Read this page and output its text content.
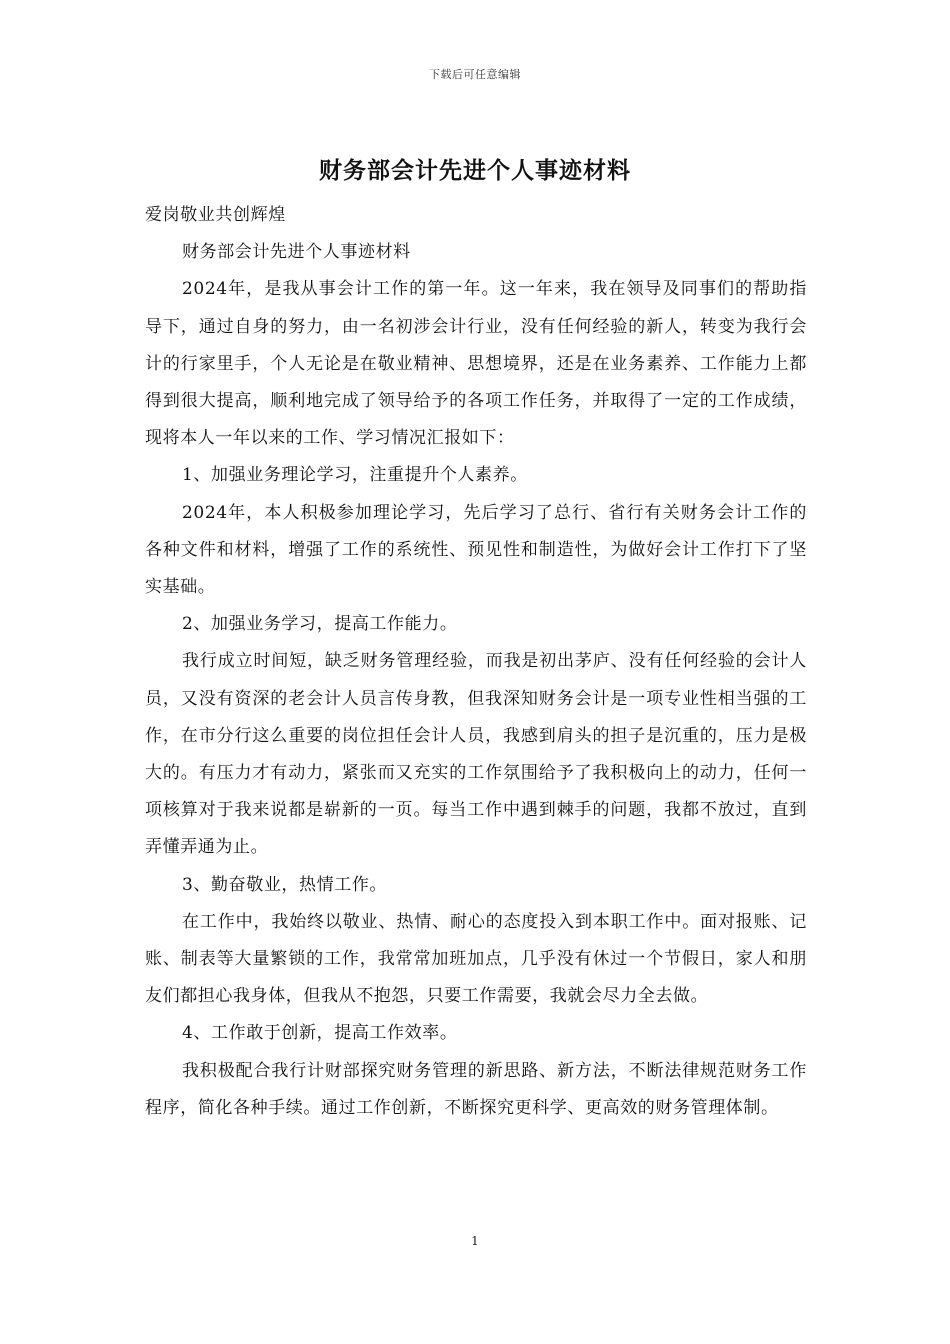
下载后可任意编辑
财务部会计先进个人事迹材料

爱岗敬业共创辉煌

财务部会计先进个人事迹材料

2024年，是我从事会计工作的第一年。这一年来，我在领导及同事们的帮助指导下，通过自身的努力，由一名初涉会计行业，没有任何经验的新人，转变为我行会计的行家里手，个人无论是在敬业精神、思想境界，还是在业务素养、工作能力上都得到很大提高，顺利地完成了领导给予的各项工作任务，并取得了一定的工作成绩，现将本人一年以来的工作、学习情况汇报如下：

1、加强业务理论学习，注重提升个人素养。

2024年，本人积极参加理论学习，先后学习了总行、省行有关财务会计工作的各种文件和材料，增强了工作的系统性、预见性和制造性，为做好会计工作打下了坚实基础。

2、加强业务学习，提高工作能力。

我行成立时间短，缺乏财务管理经验，而我是初出茅庐、没有任何经验的会计人员，又没有资深的老会计人员言传身教，但我深知财务会计是一项专业性相当强的工作，在市分行这么重要的岗位担任会计人员，我感到肩头的担子是沉重的，压力是极大的。有压力才有动力，紧张而又充实的工作氛围给予了我积极向上的动力，任何一项核算对于我来说都是崭新的一页。每当工作中遇到棘手的问题，我都不放过，直到弄懂弄通为止。

3、勤奋敬业，热情工作。

在工作中，我始终以敬业、热情、耐心的态度投入到本职工作中。面对报账、记账、制表等大量繁锁的工作，我常常加班加点，几乎没有休过一个节假日，家人和朋友们都担心我身体，但我从不抱怨，只要工作需要，我就会尽力全去做。

4、工作敢于创新，提高工作效率。

我积极配合我行计财部探究财务管理的新思路、新方法，不断法律规范财务工作程序，简化各种手续。通过工作创新，不断探究更科学、更高效的财务管理体制。

1
